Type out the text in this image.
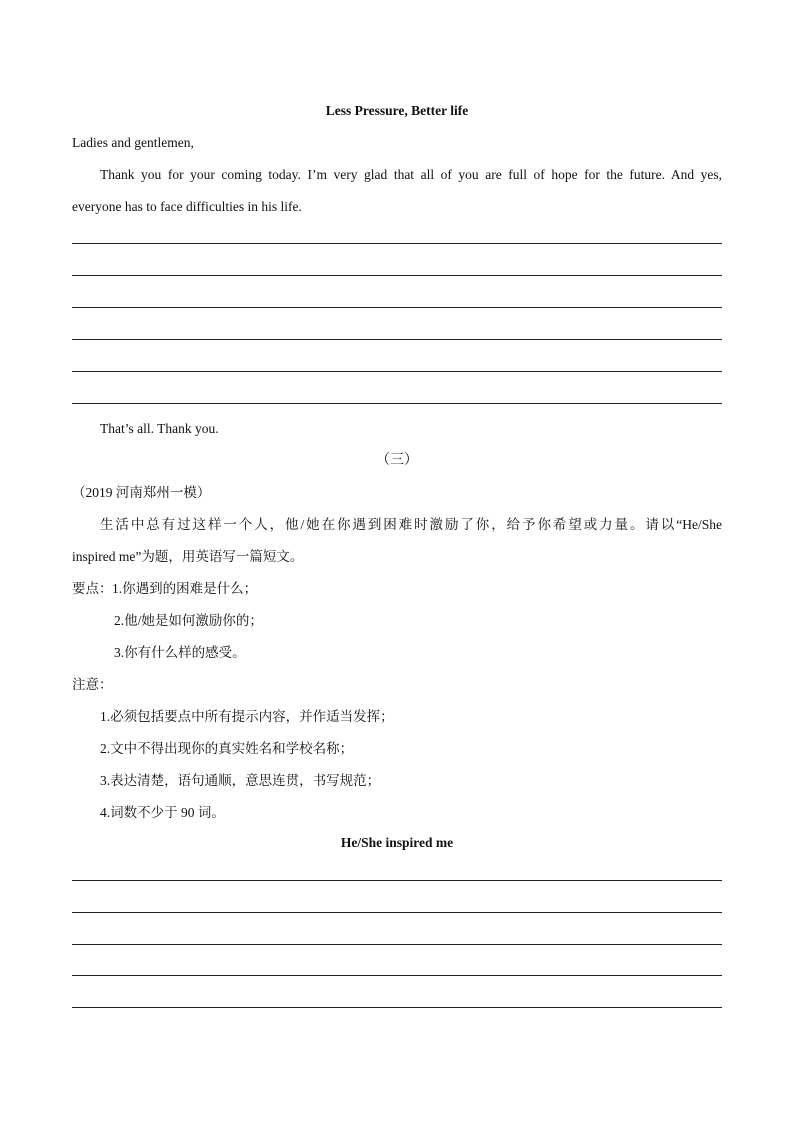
Less Pressure, Better life
Ladies and gentlemen,
Thank you for your coming today. I’m very glad that all of you are full of hope for the future. And yes,
everyone has to face difficulties in his life.
That’s all. Thank you.
（三）
（2019 河南郑州一模）
生活中总有过这样一个人，他/她在你遇到困难时激励了你，给予你希望或力量。请以“He/She
inspired me”为题，用英语写一篇短文。
要点： 1.你遇到的困难是什么；
2.他/她是如何激励你的；
3.你有什么样的感受。
注意：
1.必须包括要点中所有提示内容，并作适当发挥；
2.文中不得出现你的真实姓名和学校名称；
3.表达清楚，语句通顺，意思连贯，书写规范；
4.词数不少于 90 词。
He/She inspired me
